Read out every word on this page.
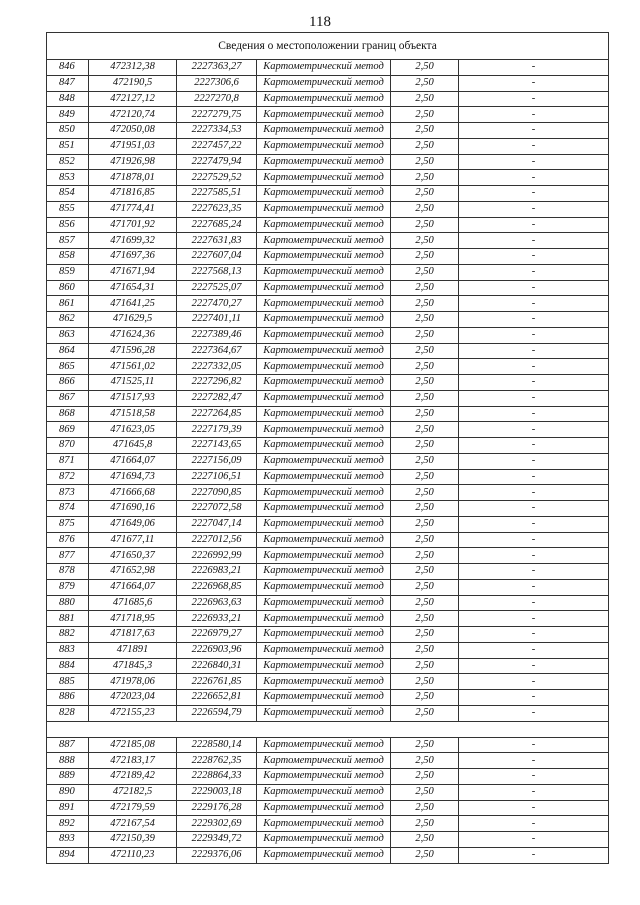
118
Сведения о местоположении границ объекта					
846	472312,38	2227363,27	Картометрический метод	2,50	-
847	472190,5	2227306,6	Картометрический метод	2,50	-
848	472127,12	2227270,8	Картометрический метод	2,50	-
849	472120,74	2227279,75	Картометрический метод	2,50	-
850	472050,08	2227334,53	Картометрический метод	2,50	-
851	471951,03	2227457,22	Картометрический метод	2,50	-
852	471926,98	2227479,94	Картометрический метод	2,50	-
853	471878,01	2227529,52	Картометрический метод	2,50	-
854	471816,85	2227585,51	Картометрический метод	2,50	-
855	471774,41	2227623,35	Картометрический метод	2,50	-
856	471701,92	2227685,24	Картометрический метод	2,50	-
857	471699,32	2227631,83	Картометрический метод	2,50	-
858	471697,36	2227607,04	Картометрический метод	2,50	-
859	471671,94	2227568,13	Картометрический метод	2,50	-
860	471654,31	2227525,07	Картометрический метод	2,50	-
861	471641,25	2227470,27	Картометрический метод	2,50	-
862	471629,5	2227401,11	Картометрический метод	2,50	-
863	471624,36	2227389,46	Картометрический метод	2,50	-
864	471596,28	2227364,67	Картометрический метод	2,50	-
865	471561,02	2227332,05	Картометрический метод	2,50	-
866	471525,11	2227296,82	Картометрический метод	2,50	-
867	471517,93	2227282,47	Картометрический метод	2,50	-
868	471518,58	2227264,85	Картометрический метод	2,50	-
869	471623,05	2227179,39	Картометрический метод	2,50	-
870	471645,8	2227143,65	Картометрический метод	2,50	-
871	471664,07	2227156,09	Картометрический метод	2,50	-
872	471694,73	2227106,51	Картометрический метод	2,50	-
873	471666,68	2227090,85	Картометрический метод	2,50	-
874	471690,16	2227072,58	Картометрический метод	2,50	-
875	471649,06	2227047,14	Картометрический метод	2,50	-
876	471677,11	2227012,56	Картометрический метод	2,50	-
877	471650,37	2226992,99	Картометрический метод	2,50	-
878	471652,98	2226983,21	Картометрический метод	2,50	-
879	471664,07	2226968,85	Картометрический метод	2,50	-
880	471685,6	2226963,63	Картометрический метод	2,50	-
881	471718,95	2226933,21	Картометрический метод	2,50	-
882	471817,63	2226979,27	Картометрический метод	2,50	-
883	471891	2226903,96	Картометрический метод	2,50	-
884	471845,3	2226840,31	Картометрический метод	2,50	-
885	471978,06	2226761,85	Картометрический метод	2,50	-
886	472023,04	2226652,81	Картометрический метод	2,50	-
828	472155,23	2226594,79	Картометрический метод	2,50	-

887	472185,08	2228580,14	Картометрический метод	2,50	-
888	472183,17	2228762,35	Картометрический метод	2,50	-
889	472189,42	2228864,33	Картометрический метод	2,50	-
890	472182,5	2229003,18	Картометрический метод	2,50	-
891	472179,59	2229176,28	Картометрический метод	2,50	-
892	472167,54	2229302,69	Картометрический метод	2,50	-
893	472150,39	2229349,72	Картометрический метод	2,50	-
894	472110,23	2229376,06	Картометрический метод	2,50	-
